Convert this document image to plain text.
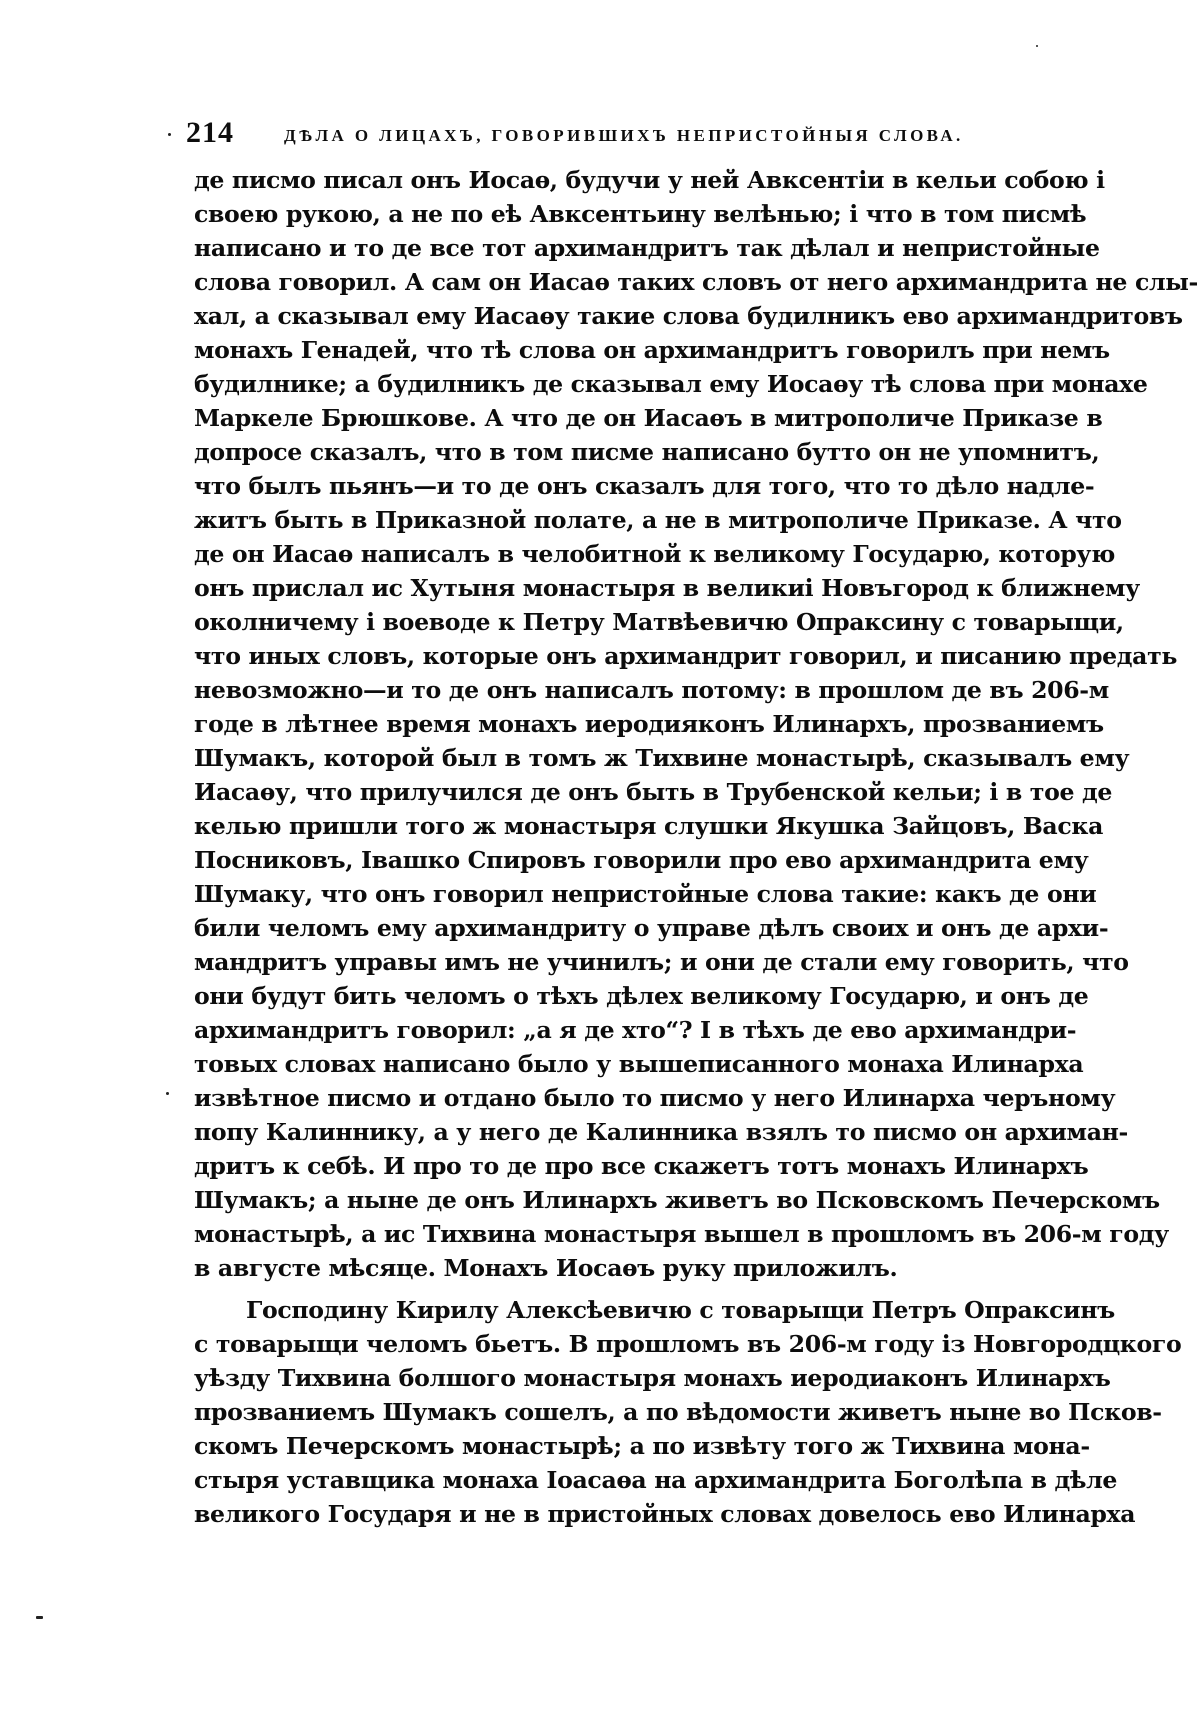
214	ДѢЛА О ЛИЦАХЪ, ГОВОРИВШИХЪ НЕПРИСТОЙНЫЯ СЛОВА.
де писмо писал онъ Иосаѳ, будучи у ней Авксентiи в кельи собою i
своею рукою, а не по еѣ Авксентьину велѣнью; i что в том писмѣ
написано и то де все тот архимандритъ так дѣлал и непристойные
слова говорил. А сам он Иасаѳ таких словъ от него архимандрита не слы-
хал, а сказывал ему Иасаѳу такие слова будилникъ ево архимандритовъ
монахъ Генадей, что тѣ слова он архимандритъ говорилъ при немъ
будилнике; а будилникъ де сказывал ему Иосаѳу тѣ слова при монахе
Маркеле Брюшкове. А что де он Иасаѳъ в митрополиче Приказе в
допросе сказалъ, что в том писме написано бутто он не упомнитъ,
что былъ пьянъ—и то де онъ сказалъ для того, что то дѣло надле-
житъ быть в Приказной полате, а не в митрополиче Приказе. А что
де он Иасаѳ написалъ в челобитной к великому Государю, которую
онъ прислал ис Хутыня монастыря в великиi Новъгород к ближнему
околничему i воеводе к Петру Матвѣевичю Опраксину с товарыщи,
что иных словъ, которые онъ архимандрит говорил, и писанию предать
невозможно—и то де онъ написалъ потому: в прошлом де въ 206-м
годе в лѣтнее время монахъ иеродияконъ Илинархъ, прозваниемъ
Шумакъ, которой был в томъ ж Тихвине монастырѣ, сказывалъ ему
Иасаѳу, что прилучился де онъ быть в Трубенской кельи; i в тое де
келью пришли того ж монастыря слушки Якушка Зайцовъ, Васка
Посниковъ, Івашко Спировъ говорили про ево архимандрита ему
Шумаку, что онъ говорил непристойные слова такие: какъ де они
били челомъ ему архимандриту о управе дѣлъ своих и онъ де архи-
мандритъ управы имъ не учинилъ; и они де стали ему говорить, что
они будут бить челомъ о тѣхъ дѣлех великому Государю, и онъ де
архимандритъ говорил: „а я де хто“? І в тѣхъ де ево архимандри-
товых словах написано было у вышеписанного монаха Илинарха
извѣтное писмо и отдано было то писмо у него Илинарха черъному
попу Калиннику, а у него де Калинника взялъ то писмо он архиман-
дритъ к себѣ. И про то де про все скажетъ тотъ монахъ Илинархъ
Шумакъ; а ныне де онъ Илинархъ живетъ во Псковскомъ Печерскомъ
монастырѣ, а ис Тихвина монастыря вышел в прошломъ въ 206-м году
в августе мѣсяце. Монахъ Иосаѳъ руку приложилъ.
Господину Кирилу Алексѣевичю с товарыщи Петръ Опраксинъ
с товарыщи челомъ бьетъ. В прошломъ въ 206-м году із Новгородцкого
уѣзду Тихвина болшого монастыря монахъ иеродиаконъ Илинархъ
прозваниемъ Шумакъ сошелъ, а по вѣдомости живетъ ныне во Псков-
скомъ Печерскомъ монастырѣ; а по извѣту того ж Тихвина мона-
стыря уставщика монаха Іоасаѳа на архимандрита Боголѣпа в дѣле
великого Государя и не в пристойных словах довелось ево Илинарха
